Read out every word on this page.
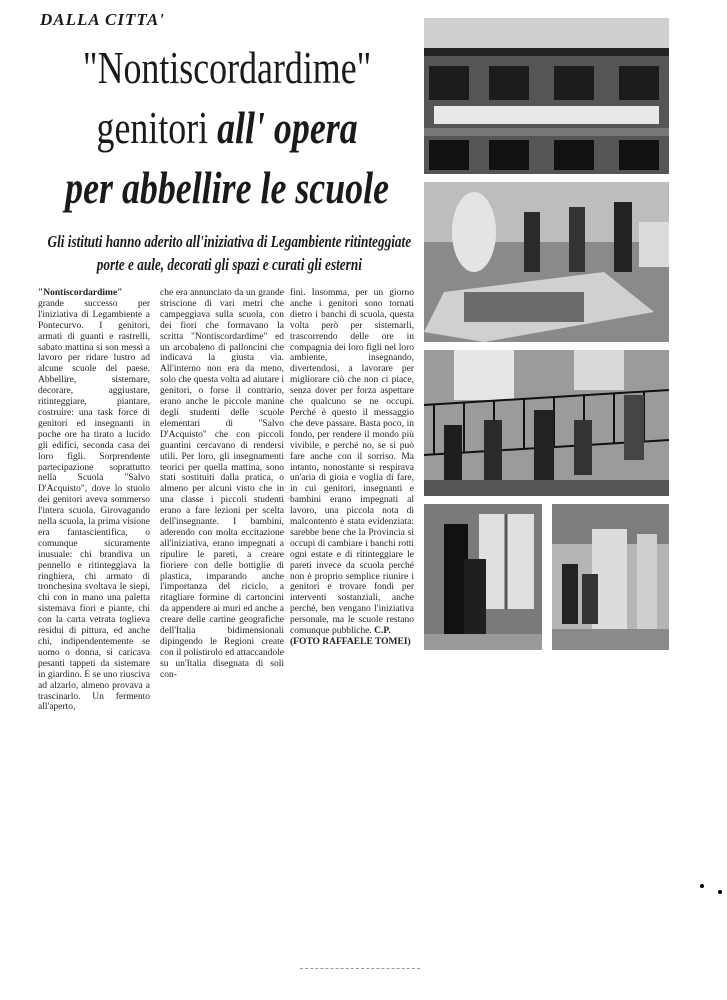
DALLA CITTA'
"Nontiscordardime"
genitori all' opera
per abbellire le scuole
Gli istituti hanno aderito all'iniziativa di Legambiente ritinteggiate porte e aule, decorati gli spazi e curati gli esterni

"Nontiscordardime" grande successo per l'iniziativa di Legambiente a Pontecurvo. I genitori, armati di guanti e rastrelli, sabato mattina si son messi a lavoro per ridare lustro ad alcune scuole del paese. Abbellire, sistemare, decorare, aggiustare, ritinteggiare, piantare, costruire: una task force di genitori ed insegnanti in poche ore ha tirato a lucido gli edifici, seconda casa dei loro figli. Sorprendente partecipazione soprattutto nella Scuola "Salvo D'Acquisto", dove lo stuolo dei genitori aveva sommerso l'intera scuola. Girovagando nella scuola, la prima visione era fantascientifica, o comunque sicuramente inusuale: chi brandiva un pennello e ritinteggiava la ringhiera, chi armato di tronchesina svoltava le siepi, chi con in mano una paletta sistemava fiori e piante, chi con la carta vetrata toglieva residui di pittura, ed anche chi, indipendentemente se uomo o donna, si caricava pesanti tappeti da sistemare in giardino. E se uno riusciva ad alzarlo, almeno provava a trascinarlo. Un fermento all'aperto,

che era annunciato da un grande striscione di vari metri che campeggiava sulla scuola, con dei fiori che formavano la scritta "Nontiscordardime" ed un arcobaleno di palloncini che indicava la giusta via. All'interno non era da meno, solo che questa volta ad aiutare i genitori, o forse il contrario, erano anche le piccole manine degli studenti delle scuole elementari di "Salvo D'Acquisto" che con piccoli guantini cercavano di rendersi utili. Per loro, gli insegnamenti teorici per quella mattina, sono stati sostituiti dalla pratica, o almeno per alcuni visto che in una classe i piccoli studenti erano a fare lezioni per scelta dell'insegnante. I bambini, aderendo con molta eccitazione all'iniziativa, erano impegnati a ripulire le pareti, a creare fioriere con delle bottiglie di plastica, imparando anche l'importanza del riciclo, a ritagliare formine di cartoncini da appendere ai muri ed anche a creare delle cartine geografiche dell'Italia bidimensionali dipingendo le Regioni create con il polistirolo ed attaccandole su un'Italia disegnata di soli con-

fini. Insomma, per un giorno anche i genitori sono tornati dietro i banchi di scuola, questa volta però per sistemarli, trascorrendo delle ore in compagnia dei loro figli nel loro ambiente, insegnando, divertendosi, a lavorare per migliorare ciò che non ci piace, senza dover per forza aspettare che qualcuno se ne occupi. Perché è questo il messaggio che deve passare. Basta poco, in fondo, per rendere il mondo più vivibile, e perché no, se si può fare anche con il sorriso. Ma intanto, nonostante si respirava un'aria di gioia e voglia di fare, in cui genitori, insegnanti e bambini erano impegnati al lavoro, una piccola nota di malcontento è stata evidenziata: sarebbe bene che la Provincia si occupi di cambiare i banchi rotti ogni estate e di ritinteggiare le pareti invece da scuola perché non è proprio semplice riunire i genitori e trovare fondi per interventi sostanziali, anche perché, ben vengano l'iniziativa personale, ma le scuole restano comunque pubbliche. C.P.

(FOTO RAFFAELE TOMEI)
